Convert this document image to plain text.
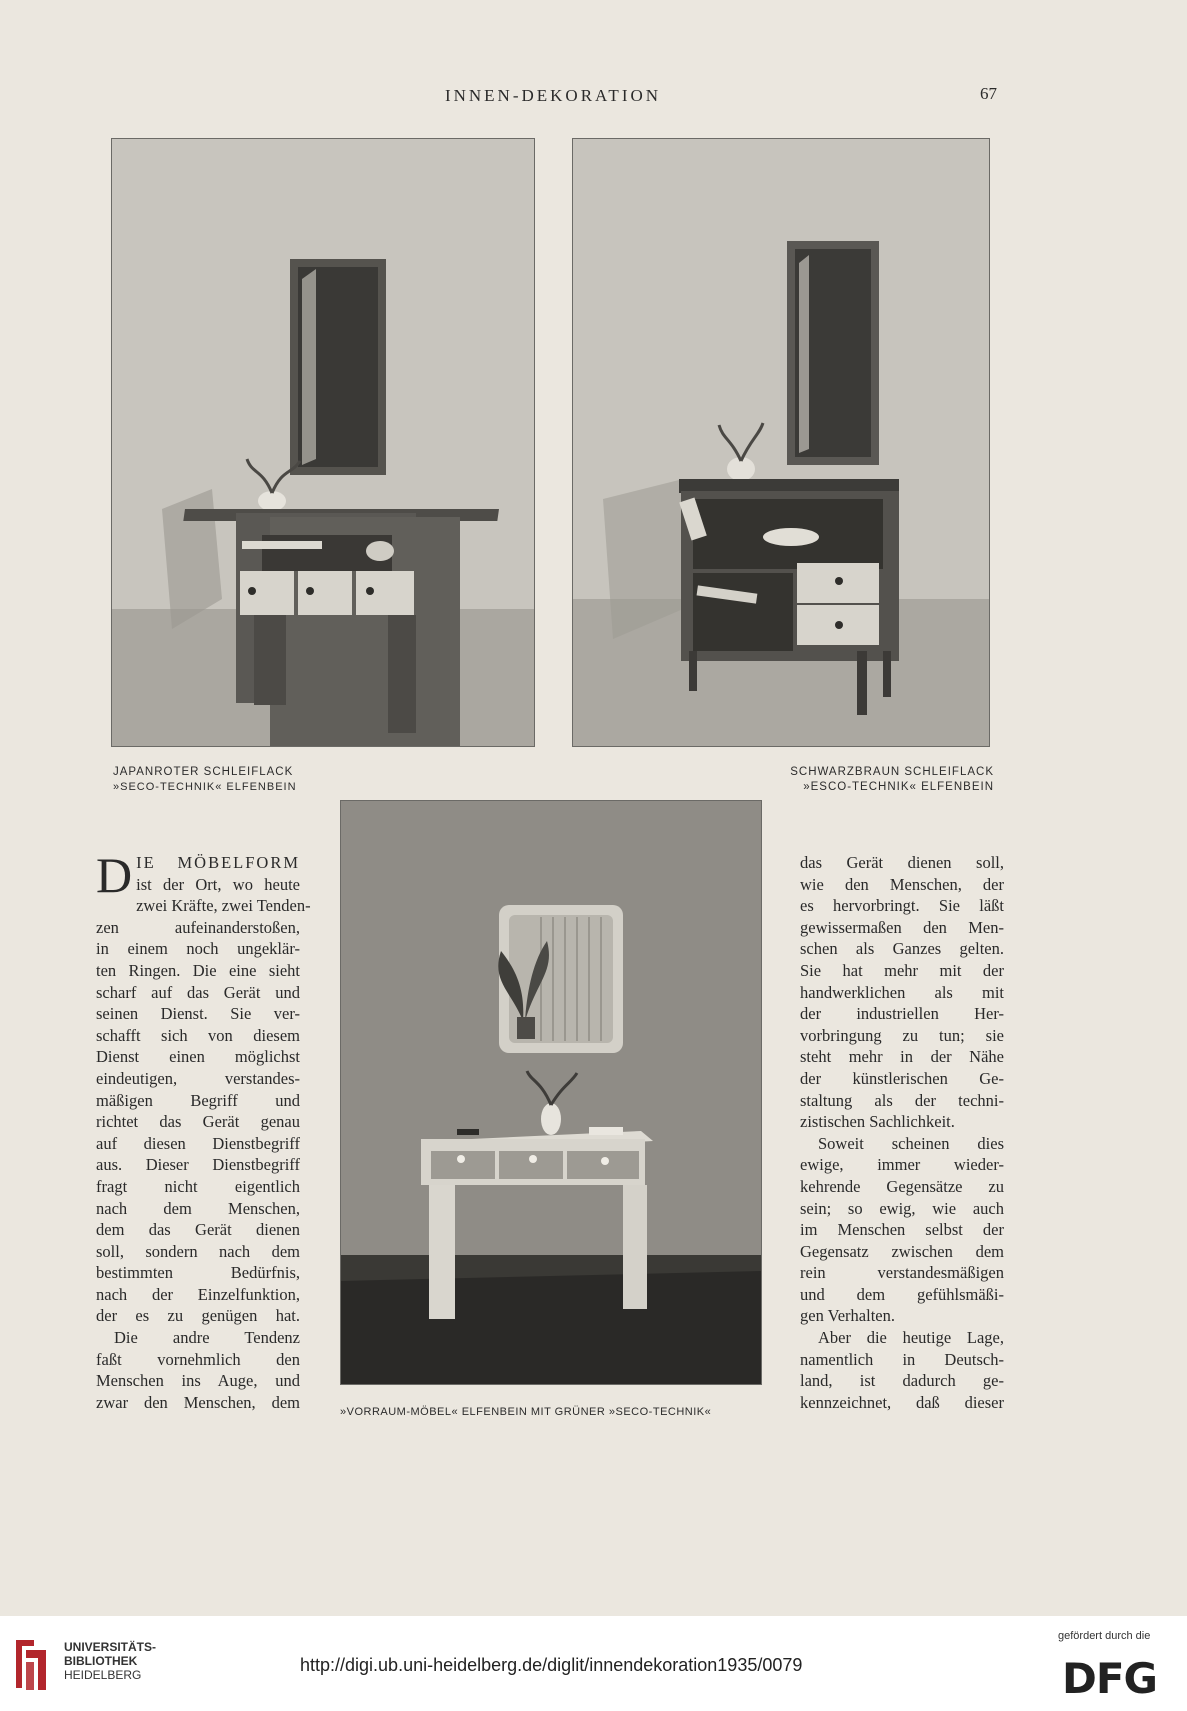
INNEN-DEKORATION	67
JAPANROTER SCHLEIFLACK
»SECO-TECHNIK« ELFENBEIN
SCHWARZBRAUN SCHLEIFLACK
»ESCO-TECHNIK« ELFENBEIN
»VORRAUM-MÖBEL« ELFENBEIN MIT GRÜNER »SECO-TECHNIK«
D IE MÖBELFORM

ist der Ort, wo heute

zwei Kräfte, zwei Tenden-

zen aufeinanderstoßen,

in einem noch ungeklär-

ten Ringen. Die eine sieht

scharf auf das Gerät und

seinen Dienst. Sie ver-

schafft sich von diesem

Dienst einen möglichst

eindeutigen, verstandes-

mäßigen Begriff und

richtet das Gerät genau

auf diesen Dienstbegriff

aus. Dieser Dienstbegriff

fragt nicht eigentlich

nach dem Menschen,

dem das Gerät dienen

soll, sondern nach dem

bestimmten Bedürfnis,

nach der Einzelfunktion,

der es zu genügen hat.

Die andre Tendenz

faßt vornehmlich den

Menschen ins Auge, und

zwar den Menschen, dem

das Gerät dienen soll,

wie den Menschen, der

es hervorbringt. Sie läßt

gewissermaßen den Men-

schen als Ganzes gelten.

Sie hat mehr mit der

handwerklichen als mit

der industriellen Her-

vorbringung zu tun; sie

steht mehr in der Nähe

der künstlerischen Ge-

staltung als der techni-

zistischen Sachlichkeit.

Soweit scheinen dies

ewige, immer wieder-

kehrende Gegensätze zu

sein; so ewig, wie auch

im Menschen selbst der

Gegensatz zwischen dem

rein verstandesmäßigen

und dem gefühlsmäßi-

gen Verhalten.

Aber die heutige Lage,

namentlich in Deutsch-

land, ist dadurch ge-

kennzeichnet, daß dieser

UNIVERSITÄTS-
BIBLIOTHEK
HEIDELBERG	http://digi.ub.uni-heidelberg.de/diglit/innendekoration1935/0079
gefördert durch die
DFG
